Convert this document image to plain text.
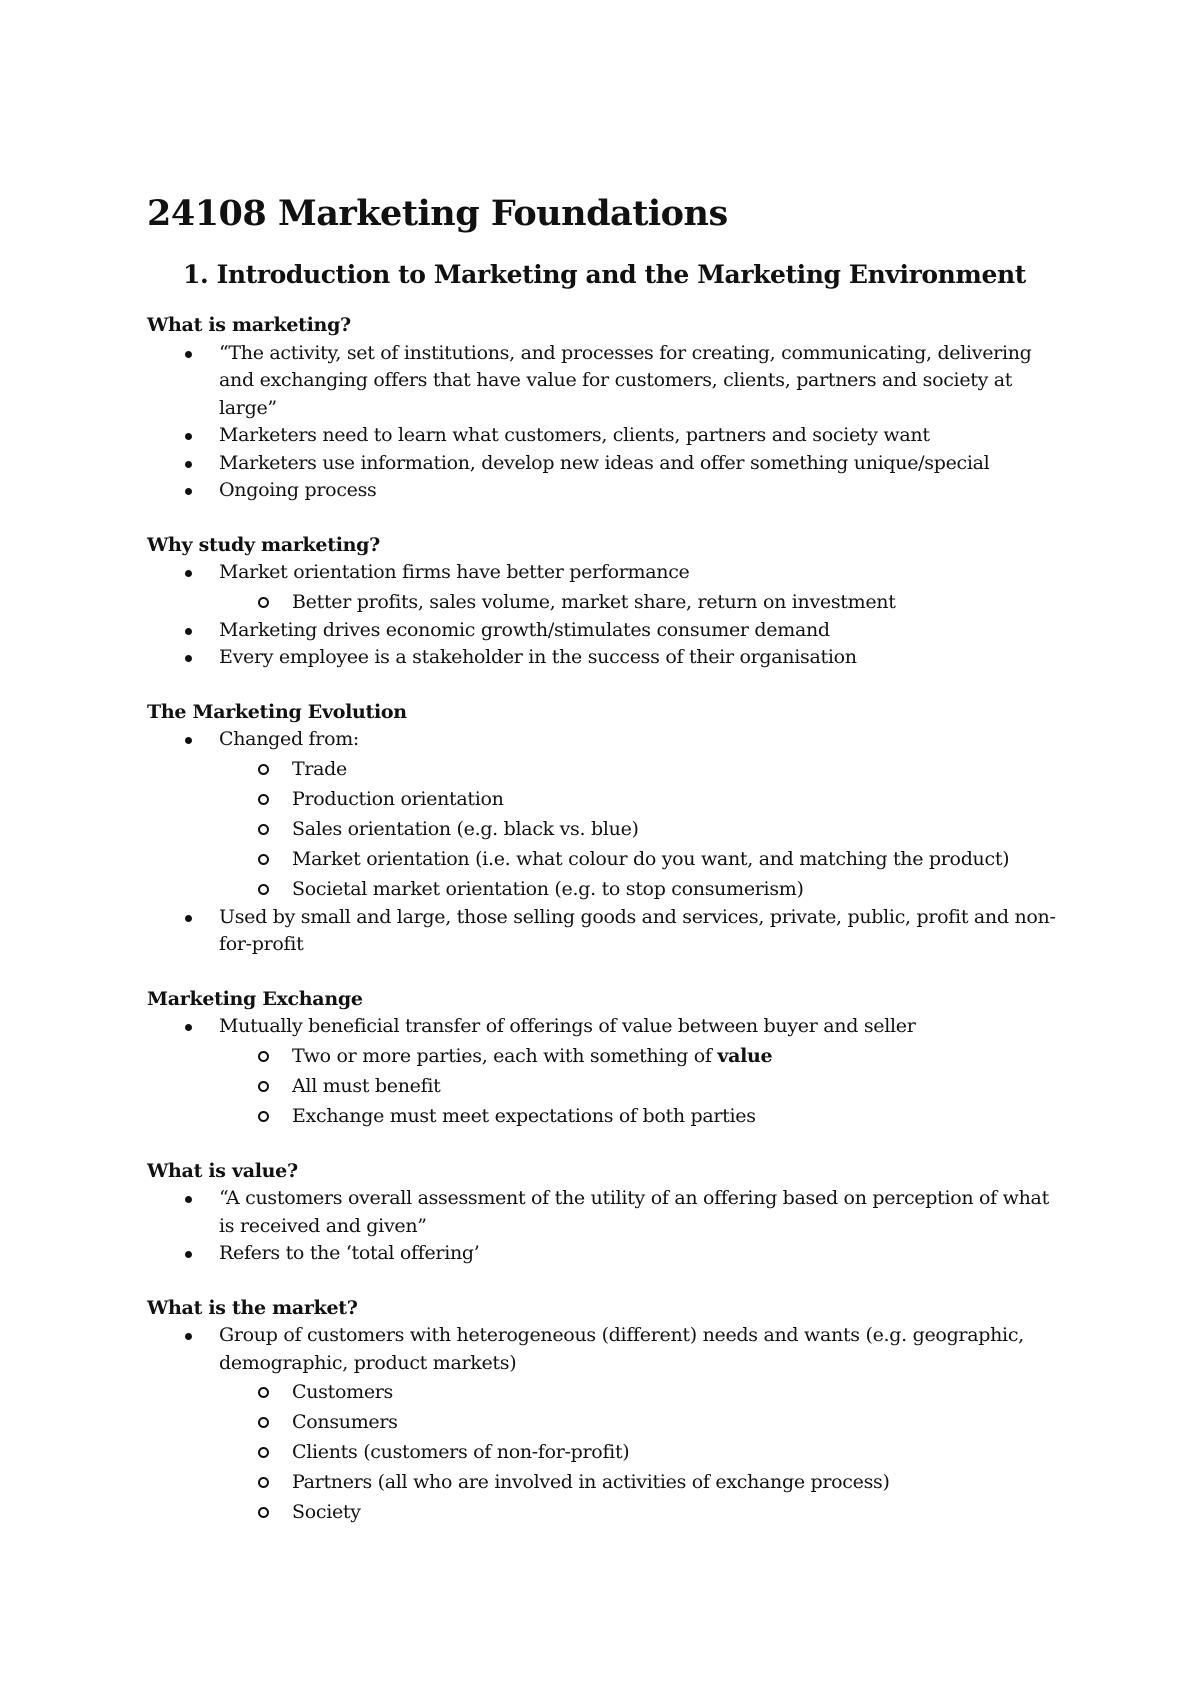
24108 Marketing Foundations
1. Introduction to Marketing and the Marketing Environment
What is marketing?
“The activity, set of institutions, and processes for creating, communicating, delivering and exchanging offers that have value for customers, clients, partners and society at large”
Marketers need to learn what customers, clients, partners and society want
Marketers use information, develop new ideas and offer something unique/special
Ongoing process
Why study marketing?
Market orientation firms have better performance
Better profits, sales volume, market share, return on investment
Marketing drives economic growth/stimulates consumer demand
Every employee is a stakeholder in the success of their organisation
The Marketing Evolution
Changed from:
Trade
Production orientation
Sales orientation (e.g. black vs. blue)
Market orientation (i.e. what colour do you want, and matching the product)
Societal market orientation (e.g. to stop consumerism)
Used by small and large, those selling goods and services, private, public, profit and non-for-profit
Marketing Exchange
Mutually beneficial transfer of offerings of value between buyer and seller
Two or more parties, each with something of value
All must benefit
Exchange must meet expectations of both parties
What is value?
“A customers overall assessment of the utility of an offering based on perception of what is received and given”
Refers to the ‘total offering’
What is the market?
Group of customers with heterogeneous (different) needs and wants (e.g. geographic, demographic, product markets)
Customers
Consumers
Clients (customers of non-for-profit)
Partners (all who are involved in activities of exchange process)
Society
